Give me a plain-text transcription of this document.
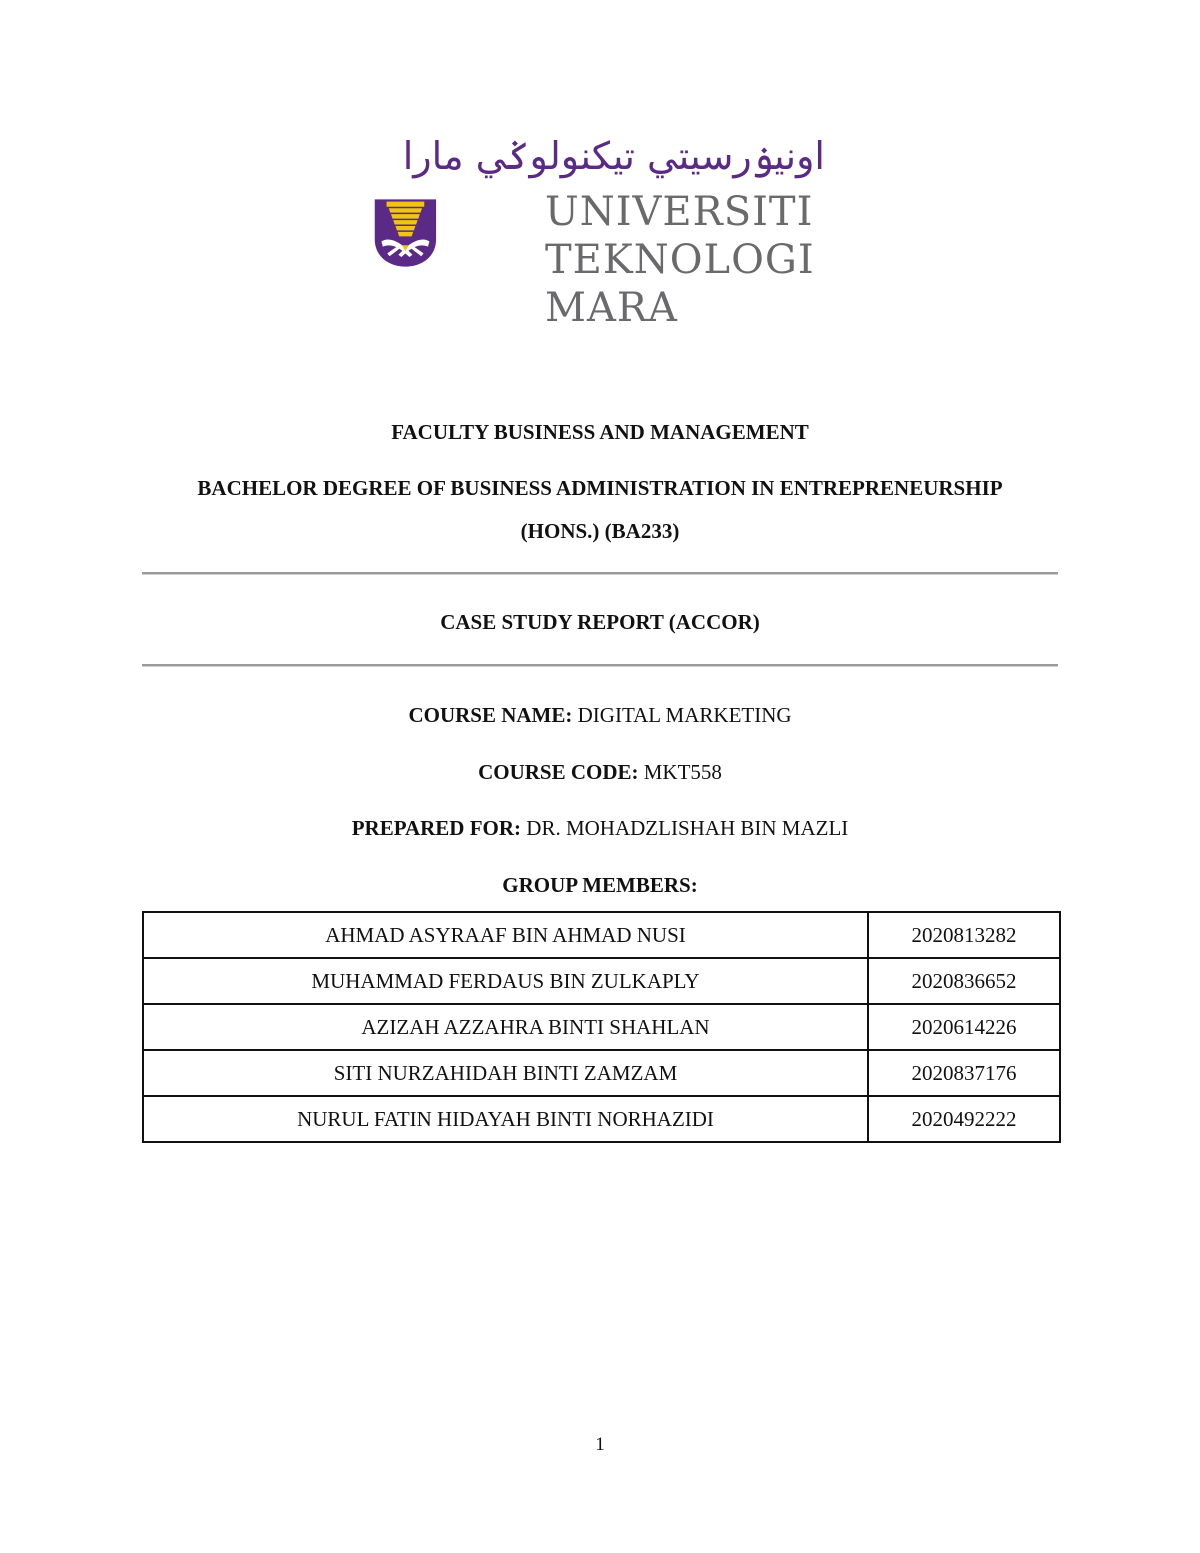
اونيۏرسيتي تيكنولوݢي مارا
UNIVERSITI
TEKNOLOGI
MARA
FACULTY BUSINESS AND MANAGEMENT
BACHELOR DEGREE OF BUSINESS ADMINISTRATION IN ENTREPRENEURSHIP
(HONS.) (BA233)
CASE STUDY REPORT (ACCOR)
COURSE NAME: DIGITAL MARKETING
COURSE CODE: MKT558
PREPARED FOR: DR. MOHADZLISHAH BIN MAZLI
GROUP MEMBERS:
AHMAD ASYRAAF BIN AHMAD NUSI	2020813282
MUHAMMAD FERDAUS BIN ZULKAPLY	2020836652
AZIZAH AZZAHRA BINTI SHAHLAN	2020614226
SITI NURZAHIDAH BINTI ZAMZAM	2020837176
NURUL FATIN HIDAYAH BINTI NORHAZIDI	2020492222
1
